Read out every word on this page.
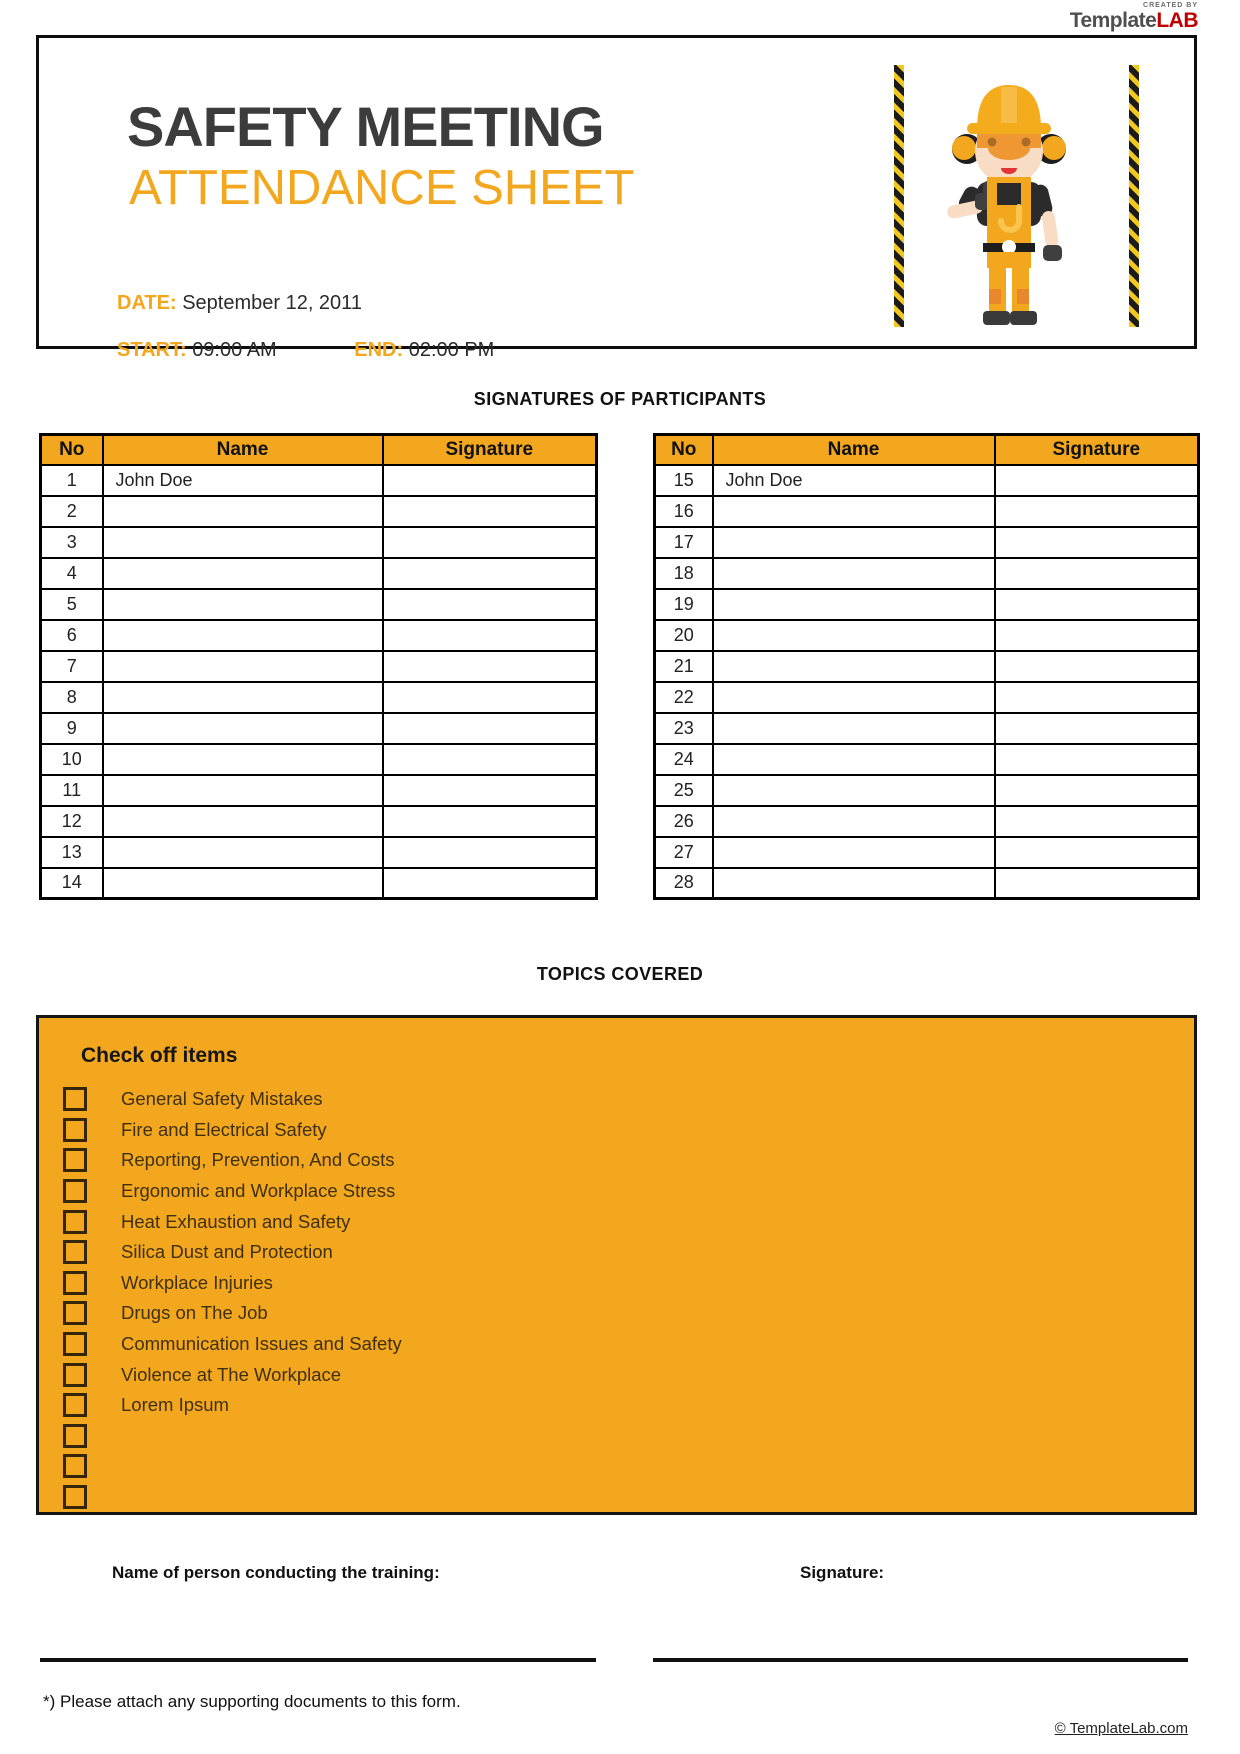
CREATED BY
TemplateLAB
SAFETY MEETING
ATTENDANCE SHEET
DATE: September 12, 2011
START: 09:00 AM	END: 02:00 PM
SIGNATURES OF PARTICIPANTS
No	Name	Signature
1	John Doe	
2		
3		
4		
5		
6		
7		
8		
9		
10		
11		
12		
13		
14		
No	Name	Signature
15	John Doe	
16		
17		
18		
19		
20		
21		
22		
23		
24		
25		
26		
27		
28		
TOPICS COVERED
Check off items
General Safety Mistakes
Fire and Electrical Safety
Reporting, Prevention, And Costs
Ergonomic and Workplace Stress
Heat Exhaustion and Safety
Silica Dust and Protection
Workplace Injuries
Drugs on The Job
Communication Issues and Safety
Violence at The Workplace
Lorem Ipsum
Name of person conducting the training:	Signature:
*) Please attach any supporting documents to this form.
© TemplateLab.com
